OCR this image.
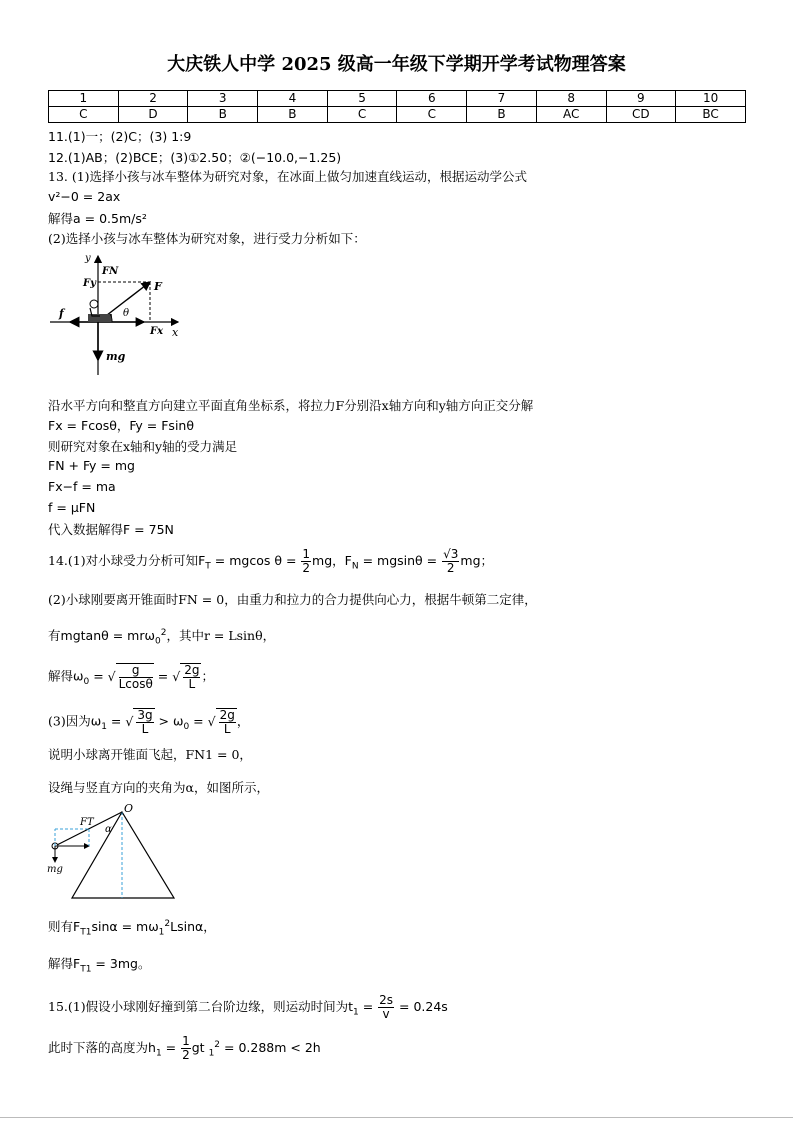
大庆铁人中学 2025 级高一年级下学期开学考试物理答案
1	2	3	4	5	6	7	8	9	10
C	D	B	B	C	C	B	AC	CD	BC
11.(1)一；(2)C；(3) 1:9
12.(1)AB；(2)BCE；(3)①2.50；②(−10.0,−1.25)
13. (1)选择小孩与冰车整体为研究对象，在冰面上做匀加速直线运动，根据运动学公式
v²−0 = 2ax
解得a = 0.5m/s²
(2)选择小孩与冰车整体为研究对象，进行受力分析如下：
y
FN
Fy	F
f	θ
Fx x
mg
沿水平方向和整直方向建立平面直角坐标系，将拉力F分别沿x轴方向和y轴方向正交分解
Fx = Fcosθ，Fy = Fsinθ
则研究对象在x轴和y轴的受力满足
FN + Fy = mg
Fx−f = ma
f = μFN
代入数据解得F = 75N
14.(1)对小球受力分析可知$F_T = mgcos$ $\theta = \frac{1}{2}$ mg，$F_N = mgsin\theta = \frac{√3}{2}$ mg；
(2)小球刚要离开锥面时FN = 0，由重力和拉力的合力提供向心力，根据牛顿第二定律，
有mgtanθ = mrω$_0^2$，其中r = Lsinθ，
解得$\omega_0$ = √ $\frac{g}{Lcos\theta}$ = √ $\frac{2g}{L}$ ；
(3)因为$\omega_1$ = √ $\frac{3g}{L} > \omega_0$ = √ $\frac{2g}{L}$ ，
说明小球离开锥面飞起，FN1 = 0，
设绳与竖直方向的夹角为α，如图所示，
O
FT
α
mg
则有$F_{T1}\sin\alpha = m\omega_1^2Lsin\alpha$，
解得$F_{T1} = 3mg$。
15.(1)假设小球刚好撞到第二台阶边缘，则运动时间为$t_1 = \frac{2s}{v} = 0.24s$
此时下落的高度为$h_1 = \frac{1}{2}$ gt $_1^2$ = 0.288m < 2h
